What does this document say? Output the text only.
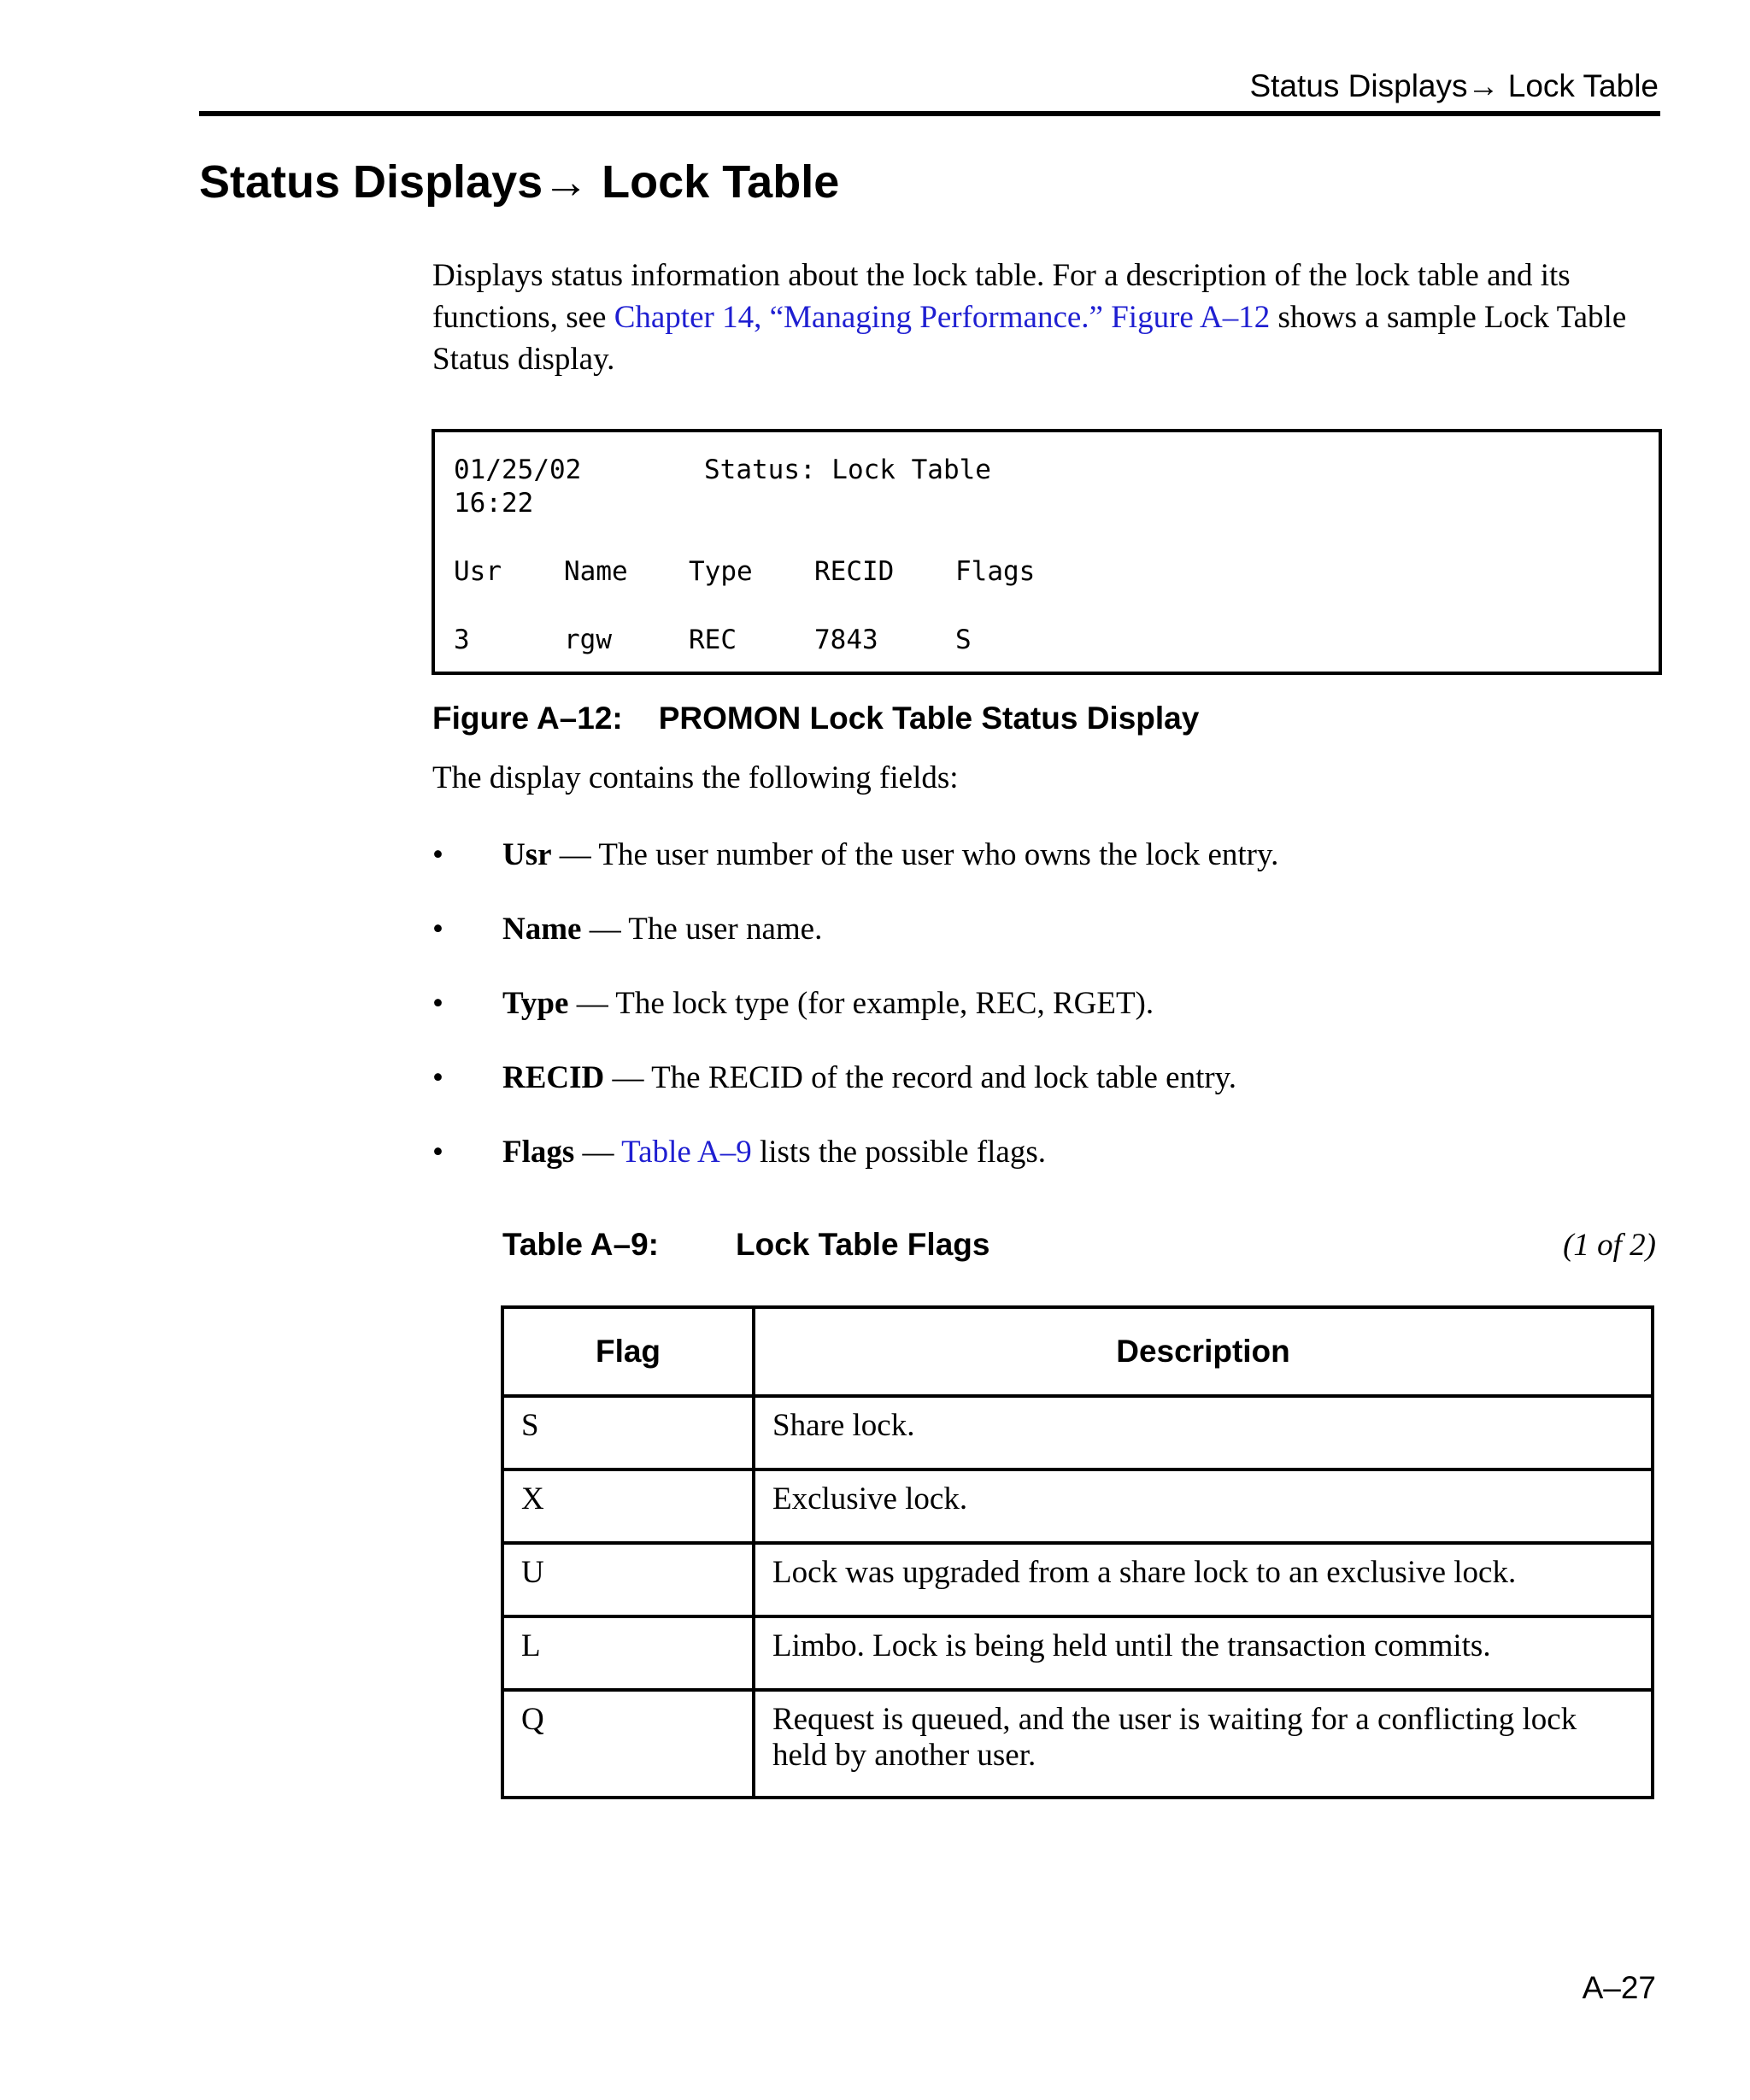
Status Displays→ Lock Table
Status Displays→ Lock Table

Displays status information about the lock table. For a description of the lock table and its functions, see Chapter 14, “Managing Performance.” Figure A–12 shows a sample Lock Table Status display.

01/25/02	Status: Lock Table
16:22
Usr Name Type RECID Flags
3	rgw	REC	7843	S
Figure A–12: PROMON Lock Table Status Display

The display contains the following fields:

• Usr — The user number of the user who owns the lock entry.
• Name — The user name.
• Type — The lock type (for example, REC, RGET).
• RECID — The RECID of the record and lock table entry.
• Flags — Table A–9 lists the possible flags.
Table A–9: Lock Table Flags	(1 of 2)
Flag	Description
S	Share lock.
X	Exclusive lock.
U	Lock was upgraded from a share lock to an exclusive lock.
L	Limbo. Lock is being held until the transaction commits.
Q	Request is queued, and the user is waiting for a conflicting lock held by another user.
A–27
